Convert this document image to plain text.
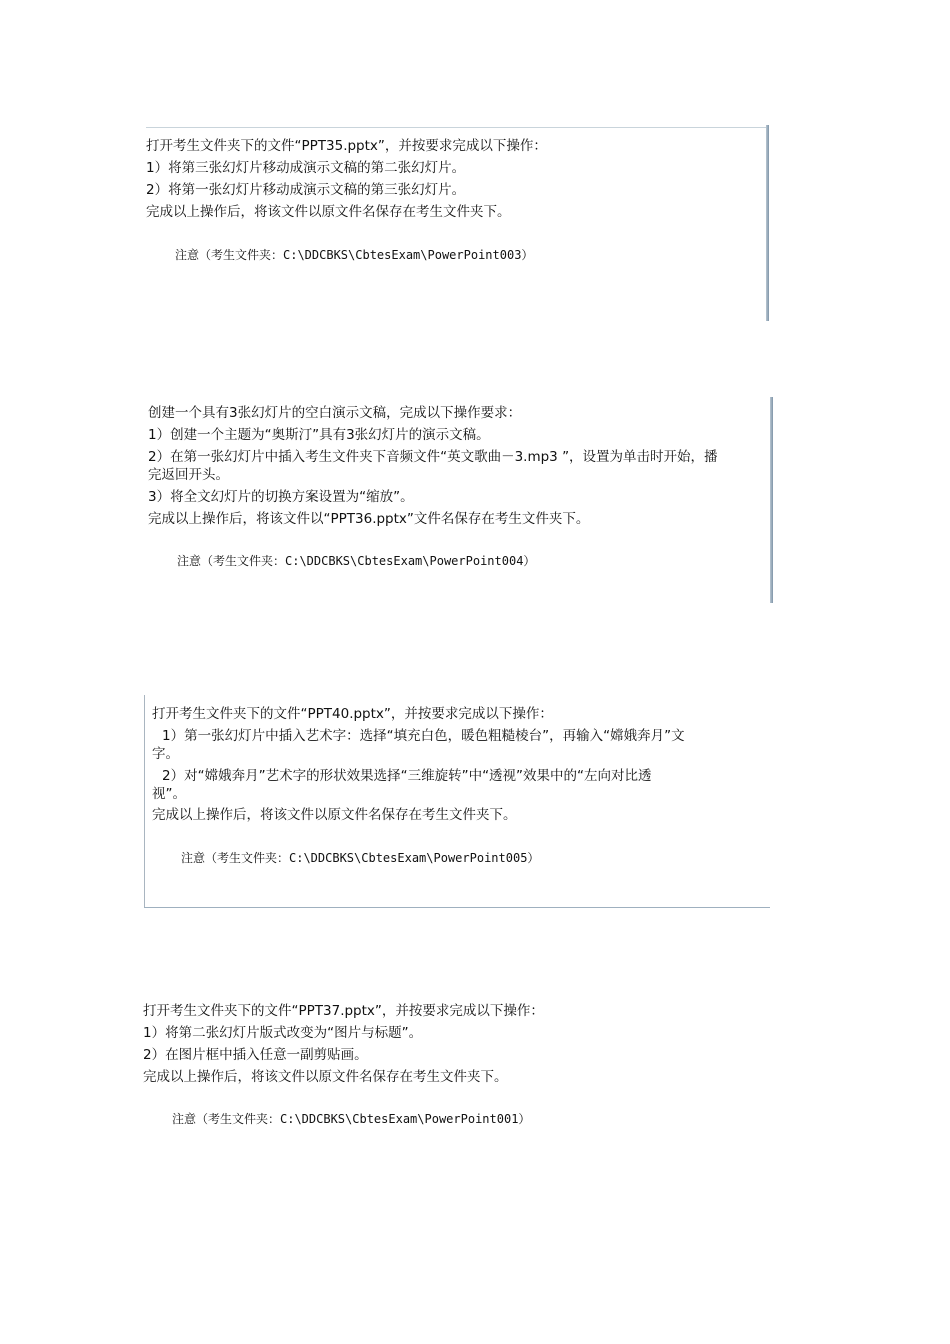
打开考生文件夹下的文件“PPT35.pptx”，并按要求完成以下操作：
1）将第三张幻灯片移动成演示文稿的第二张幻灯片。
2）将第一张幻灯片移动成演示文稿的第三张幻灯片。
完成以上操作后，将该文件以原文件名保存在考生文件夹下。
注意（考生文件夹：C:\DDCBKS\CbtesExam\PowerPoint003）
创建一个具有3张幻灯片的空白演示文稿，完成以下操作要求：
1）创建一个主题为“奥斯汀”具有3张幻灯片的演示文稿。
2）在第一张幻灯片中插入考生文件夹下音频文件“英文歌曲－3.mp3 ”，设置为单击时开始，播
完返回开头。
3）将全文幻灯片的切换方案设置为“缩放”。
完成以上操作后，将该文件以“PPT36.pptx”文件名保存在考生文件夹下。
注意（考生文件夹：C:\DDCBKS\CbtesExam\PowerPoint004）
打开考生文件夹下的文件“PPT40.pptx”，并按要求完成以下操作：
1）第一张幻灯片中插入艺术字：选择“填充白色，暖色粗糙棱台”，再输入“嫦娥奔月”文
字。
2）对“嫦娥奔月”艺术字的形状效果选择“三维旋转”中“透视”效果中的“左向对比透
视”。
完成以上操作后，将该文件以原文件名保存在考生文件夹下。
注意（考生文件夹：C:\DDCBKS\CbtesExam\PowerPoint005）
打开考生文件夹下的文件“PPT37.pptx”，并按要求完成以下操作：
1）将第二张幻灯片版式改变为“图片与标题”。
2）在图片框中插入任意一副剪贴画。
完成以上操作后，将该文件以原文件名保存在考生文件夹下。
注意（考生文件夹：C:\DDCBKS\CbtesExam\PowerPoint001）
